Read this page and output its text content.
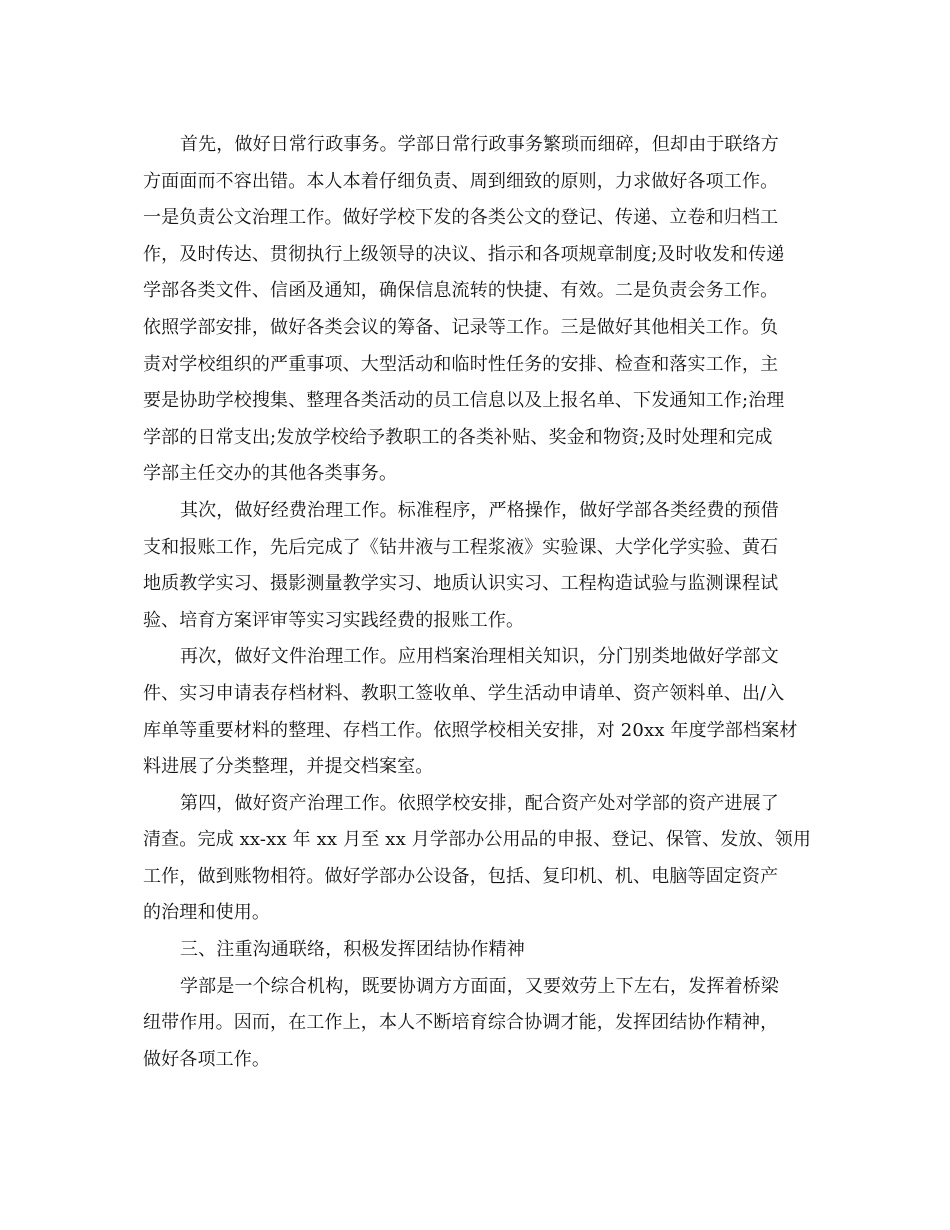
首先，做好日常行政事务。学部日常行政事务繁琐而细碎，但却由于联络方
方面面而不容出错。本人本着仔细负责、周到细致的原则，力求做好各项工作。
一是负责公文治理工作。做好学校下发的各类公文的登记、传递、立卷和归档工
作，及时传达、贯彻执行上级领导的决议、指示和各项规章制度;及时收发和传递
学部各类文件、信函及通知，确保信息流转的快捷、有效。二是负责会务工作。
依照学部安排，做好各类会议的筹备、记录等工作。三是做好其他相关工作。负
责对学校组织的严重事项、大型活动和临时性任务的安排、检查和落实工作，主
要是协助学校搜集、整理各类活动的员工信息以及上报名单、下发通知工作;治理
学部的日常支出;发放学校给予教职工的各类补贴、奖金和物资;及时处理和完成
学部主任交办的其他各类事务。
其次，做好经费治理工作。标准程序，严格操作，做好学部各类经费的预借
支和报账工作，先后完成了《钻井液与工程浆液》实验课、大学化学实验、黄石
地质教学实习、摄影测量教学实习、地质认识实习、工程构造试验与监测课程试
验、培育方案评审等实习实践经费的报账工作。
再次，做好文件治理工作。应用档案治理相关知识，分门别类地做好学部文
件、实习申请表存档材料、教职工签收单、学生活动申请单、资产领料单、出/入
库单等重要材料的整理、存档工作。依照学校相关安排，对 20xx 年度学部档案材
料进展了分类整理，并提交档案室。
第四，做好资产治理工作。依照学校安排，配合资产处对学部的资产进展了
清查。完成 xx-xx 年 xx 月至 xx 月学部办公用品的申报、登记、保管、发放、领用
工作，做到账物相符。做好学部办公设备，包括、复印机、机、电脑等固定资产
的治理和使用。
三、注重沟通联络，积极发挥团结协作精神
学部是一个综合机构，既要协调方方面面，又要效劳上下左右，发挥着桥梁
纽带作用。因而，在工作上，本人不断培育综合协调才能，发挥团结协作精神，
做好各项工作。
